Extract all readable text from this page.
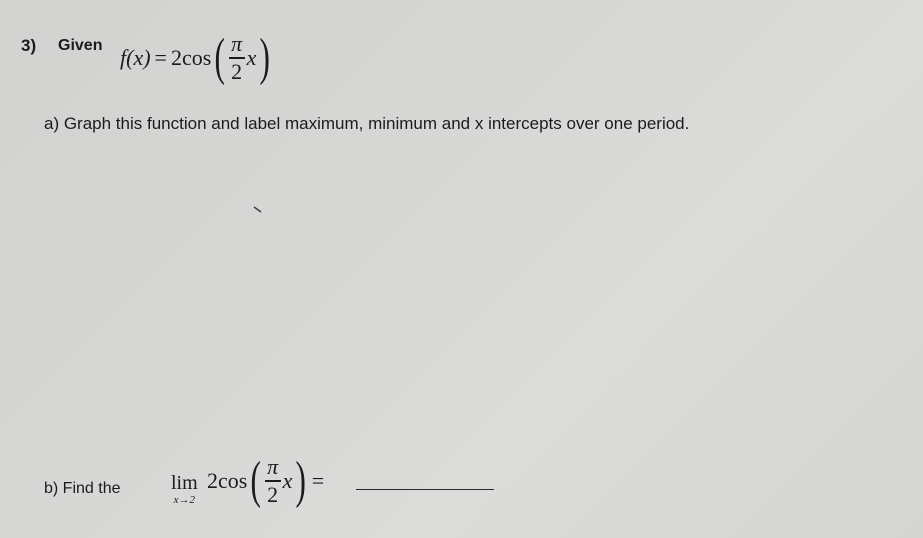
3) Given f(x) = 2 cos ( $\frac{\pi}{2}$ x )
a) Graph this function and label maximum, minimum and x intercepts over one period.
b) Find the	lim
x→2
2 cos ( $\frac{\pi}{2}$ x ) =
